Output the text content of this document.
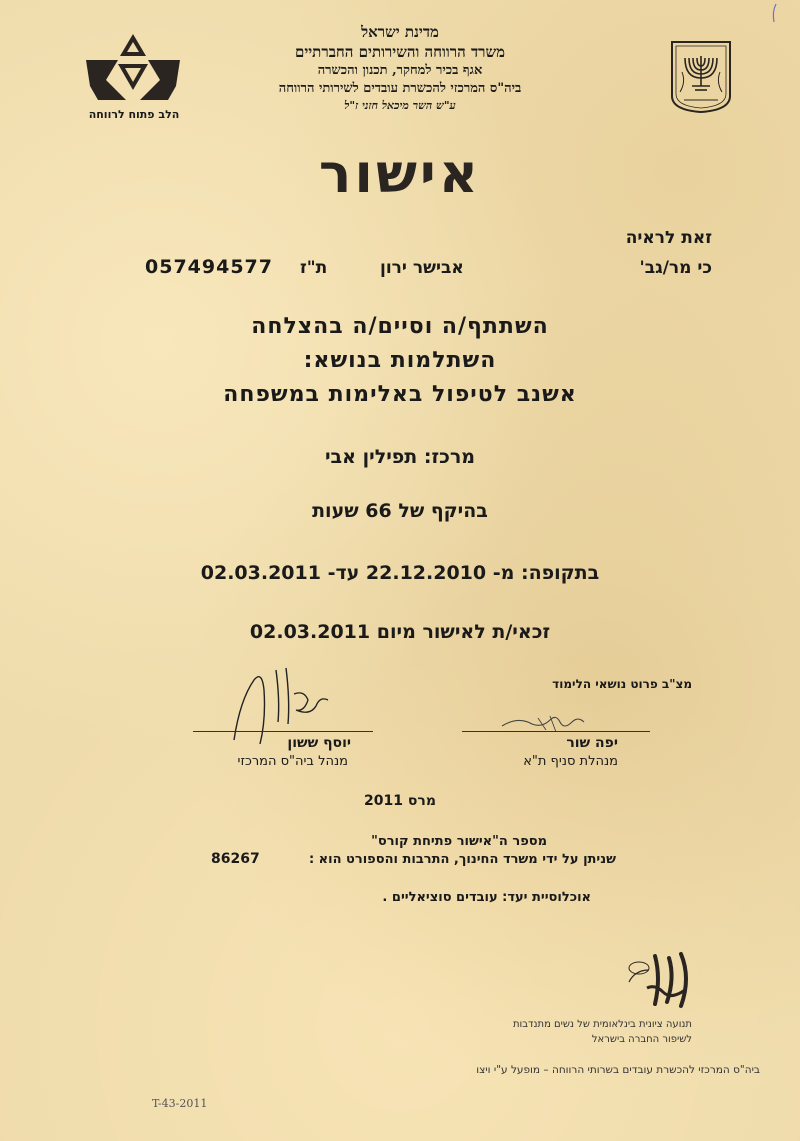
הלב פתוח לרווחה
מדינת ישראל
משרד הרווחה והשירותים החברתיים
אגף בכיר למחקר, תכנון והכשרה
ביה"ס המרכזי להכשרת עובדים לשירותי הרווחה
ע"ש השר מיכאל חזני ז"ל
אישור
זאת לראיה
כי מר/גב'
אבישר ירון
ת"ז
057494577
השתתף/ה וסיים/ה בהצלחה
השתלמות בנושא:
אשנב לטיפול באלימות במשפחה
מרכז: תפילין אבי
בהיקף של 66 שעות
בתקופה: מ- 22.12.2010 עד- 02.03.2011
זכאי/ת לאישור מיום 02.03.2011
מצ"ב פרוט נושאי הלימוד
יוסף ששון
מנהל ביה"ס המרכזי
יפה שור
מנהלת סניף ת"א
מרס 2011
מספר ה"אישור פתיחת קורס"
שניתן על ידי משרד החינוך, התרבות והספורט הוא :
86267
אוכלוסיית יעד: עובדים סוציאליים .
תנועה ציונית בינלאומית של נשים מתנדבות
לשיפור החברה בישראל
ביה"ס המרכזי להכשרת עובדים בשרותי הרווחה – מופעל ע"י ויצו
T-43-2011
